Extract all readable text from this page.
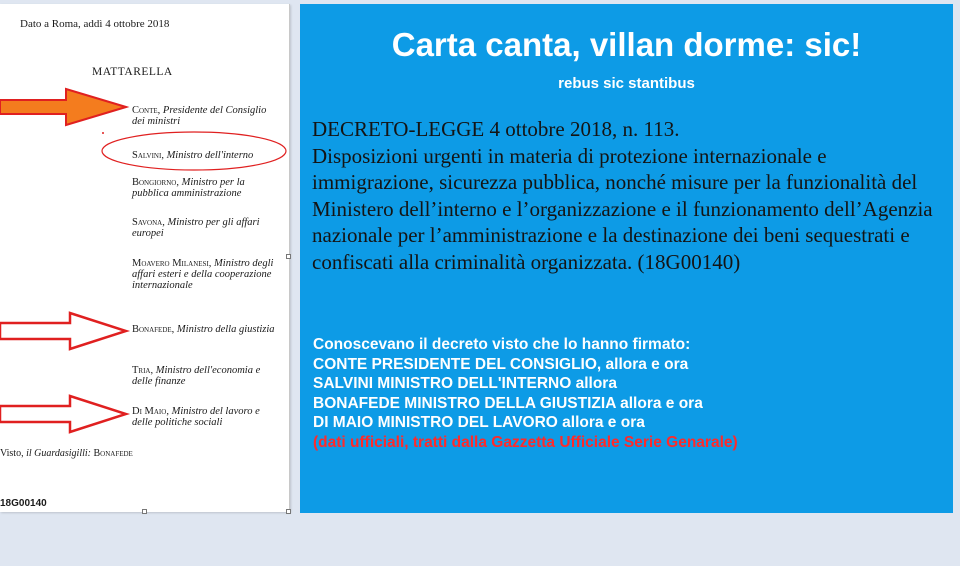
Dato a Roma, addì 4 ottobre 2018
MATTARELLA
Conte, Presidente del Consiglio dei ministri
Salvini, Ministro dell'interno
Bongiorno, Ministro per la pubblica amministrazione
Savona, Ministro per gli affari europei
Moavero Milanesi, Ministro degli affari esteri e della cooperazione internazionale
Bonafede, Ministro della giustizia
Tria, Ministro dell'economia e delle finanze
Di Maio, Ministro del lavoro e delle politiche sociali
Visto, il Guardasigilli: Bonafede
18G00140
Carta canta, villan dorme: sic!
rebus sic stantibus

DECRETO-LEGGE 4 ottobre 2018, n. 113.

Disposizioni urgenti in materia di protezione internazionale e immigrazione, sicurezza pubblica, nonché misure per la funzionalità del Ministero dell’interno e l’organizzazione e il funzionamento dell’Agenzia nazionale per l’amministrazione e la destinazione dei beni sequestrati e confiscati alla criminalità organizzata. (18G00140)

Conoscevano il decreto visto che lo hanno firmato:

CONTE PRESIDENTE DEL CONSIGLIO, allora e ora

SALVINI MINISTRO DELL'INTERNO allora

BONAFEDE MINISTRO DELLA GIUSTIZIA allora e ora

DI MAIO MINISTRO DEL LAVORO allora e ora

(dati ufficiali, tratti dalla Gazzetta Ufficiale Serie Genarale)
